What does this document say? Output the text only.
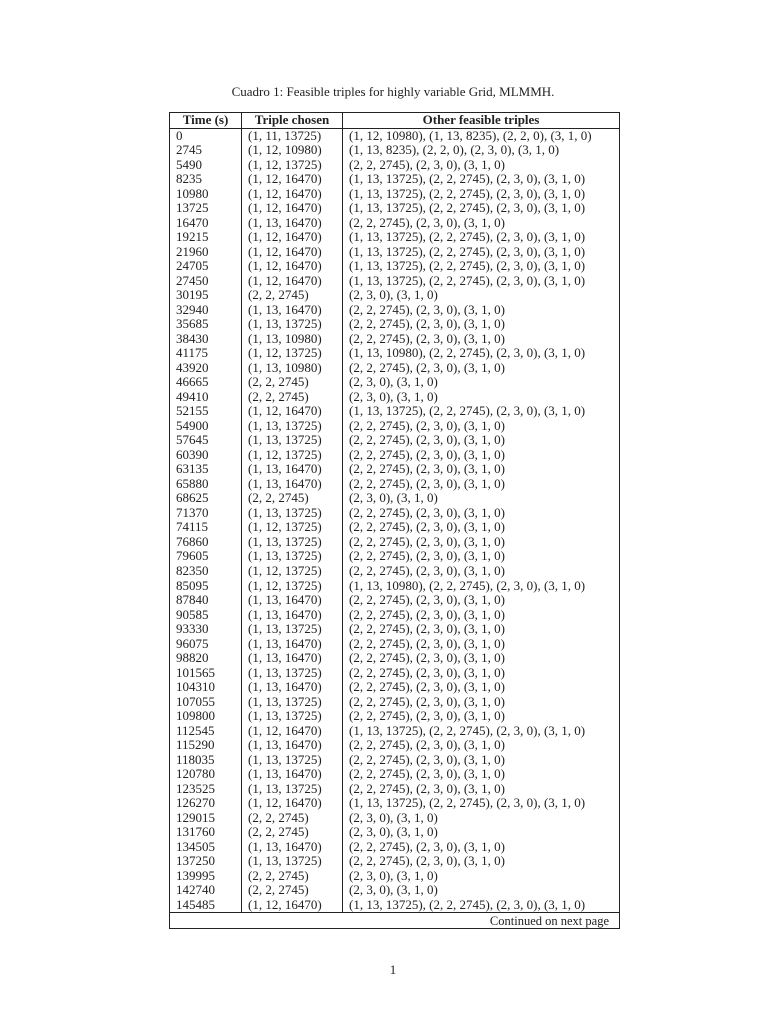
Cuadro 1: Feasible triples for highly variable Grid, MLMMH.
Time (s)	Triple chosen	Other feasible triples
0	(1, 11, 13725)	(1, 12, 10980), (1, 13, 8235), (2, 2, 0), (3, 1, 0)
2745	(1, 12, 10980)	(1, 13, 8235), (2, 2, 0), (2, 3, 0), (3, 1, 0)
5490	(1, 12, 13725)	(2, 2, 2745), (2, 3, 0), (3, 1, 0)
8235	(1, 12, 16470)	(1, 13, 13725), (2, 2, 2745), (2, 3, 0), (3, 1, 0)
10980	(1, 12, 16470)	(1, 13, 13725), (2, 2, 2745), (2, 3, 0), (3, 1, 0)
13725	(1, 12, 16470)	(1, 13, 13725), (2, 2, 2745), (2, 3, 0), (3, 1, 0)
16470	(1, 13, 16470)	(2, 2, 2745), (2, 3, 0), (3, 1, 0)
19215	(1, 12, 16470)	(1, 13, 13725), (2, 2, 2745), (2, 3, 0), (3, 1, 0)
21960	(1, 12, 16470)	(1, 13, 13725), (2, 2, 2745), (2, 3, 0), (3, 1, 0)
24705	(1, 12, 16470)	(1, 13, 13725), (2, 2, 2745), (2, 3, 0), (3, 1, 0)
27450	(1, 12, 16470)	(1, 13, 13725), (2, 2, 2745), (2, 3, 0), (3, 1, 0)
30195	(2, 2, 2745)	(2, 3, 0), (3, 1, 0)
32940	(1, 13, 16470)	(2, 2, 2745), (2, 3, 0), (3, 1, 0)
35685	(1, 13, 13725)	(2, 2, 2745), (2, 3, 0), (3, 1, 0)
38430	(1, 13, 10980)	(2, 2, 2745), (2, 3, 0), (3, 1, 0)
41175	(1, 12, 13725)	(1, 13, 10980), (2, 2, 2745), (2, 3, 0), (3, 1, 0)
43920	(1, 13, 10980)	(2, 2, 2745), (2, 3, 0), (3, 1, 0)
46665	(2, 2, 2745)	(2, 3, 0), (3, 1, 0)
49410	(2, 2, 2745)	(2, 3, 0), (3, 1, 0)
52155	(1, 12, 16470)	(1, 13, 13725), (2, 2, 2745), (2, 3, 0), (3, 1, 0)
54900	(1, 13, 13725)	(2, 2, 2745), (2, 3, 0), (3, 1, 0)
57645	(1, 13, 13725)	(2, 2, 2745), (2, 3, 0), (3, 1, 0)
60390	(1, 12, 13725)	(2, 2, 2745), (2, 3, 0), (3, 1, 0)
63135	(1, 13, 16470)	(2, 2, 2745), (2, 3, 0), (3, 1, 0)
65880	(1, 13, 16470)	(2, 2, 2745), (2, 3, 0), (3, 1, 0)
68625	(2, 2, 2745)	(2, 3, 0), (3, 1, 0)
71370	(1, 13, 13725)	(2, 2, 2745), (2, 3, 0), (3, 1, 0)
74115	(1, 12, 13725)	(2, 2, 2745), (2, 3, 0), (3, 1, 0)
76860	(1, 13, 13725)	(2, 2, 2745), (2, 3, 0), (3, 1, 0)
79605	(1, 13, 13725)	(2, 2, 2745), (2, 3, 0), (3, 1, 0)
82350	(1, 12, 13725)	(2, 2, 2745), (2, 3, 0), (3, 1, 0)
85095	(1, 12, 13725)	(1, 13, 10980), (2, 2, 2745), (2, 3, 0), (3, 1, 0)
87840	(1, 13, 16470)	(2, 2, 2745), (2, 3, 0), (3, 1, 0)
90585	(1, 13, 16470)	(2, 2, 2745), (2, 3, 0), (3, 1, 0)
93330	(1, 13, 13725)	(2, 2, 2745), (2, 3, 0), (3, 1, 0)
96075	(1, 13, 16470)	(2, 2, 2745), (2, 3, 0), (3, 1, 0)
98820	(1, 13, 16470)	(2, 2, 2745), (2, 3, 0), (3, 1, 0)
101565	(1, 13, 13725)	(2, 2, 2745), (2, 3, 0), (3, 1, 0)
104310	(1, 13, 16470)	(2, 2, 2745), (2, 3, 0), (3, 1, 0)
107055	(1, 13, 13725)	(2, 2, 2745), (2, 3, 0), (3, 1, 0)
109800	(1, 13, 13725)	(2, 2, 2745), (2, 3, 0), (3, 1, 0)
112545	(1, 12, 16470)	(1, 13, 13725), (2, 2, 2745), (2, 3, 0), (3, 1, 0)
115290	(1, 13, 16470)	(2, 2, 2745), (2, 3, 0), (3, 1, 0)
118035	(1, 13, 13725)	(2, 2, 2745), (2, 3, 0), (3, 1, 0)
120780	(1, 13, 16470)	(2, 2, 2745), (2, 3, 0), (3, 1, 0)
123525	(1, 13, 13725)	(2, 2, 2745), (2, 3, 0), (3, 1, 0)
126270	(1, 12, 16470)	(1, 13, 13725), (2, 2, 2745), (2, 3, 0), (3, 1, 0)
129015	(2, 2, 2745)	(2, 3, 0), (3, 1, 0)
131760	(2, 2, 2745)	(2, 3, 0), (3, 1, 0)
134505	(1, 13, 16470)	(2, 2, 2745), (2, 3, 0), (3, 1, 0)
137250	(1, 13, 13725)	(2, 2, 2745), (2, 3, 0), (3, 1, 0)
139995	(2, 2, 2745)	(2, 3, 0), (3, 1, 0)
142740	(2, 2, 2745)	(2, 3, 0), (3, 1, 0)
145485	(1, 12, 16470)	(1, 13, 13725), (2, 2, 2745), (2, 3, 0), (3, 1, 0)
Continued on next page		
1
